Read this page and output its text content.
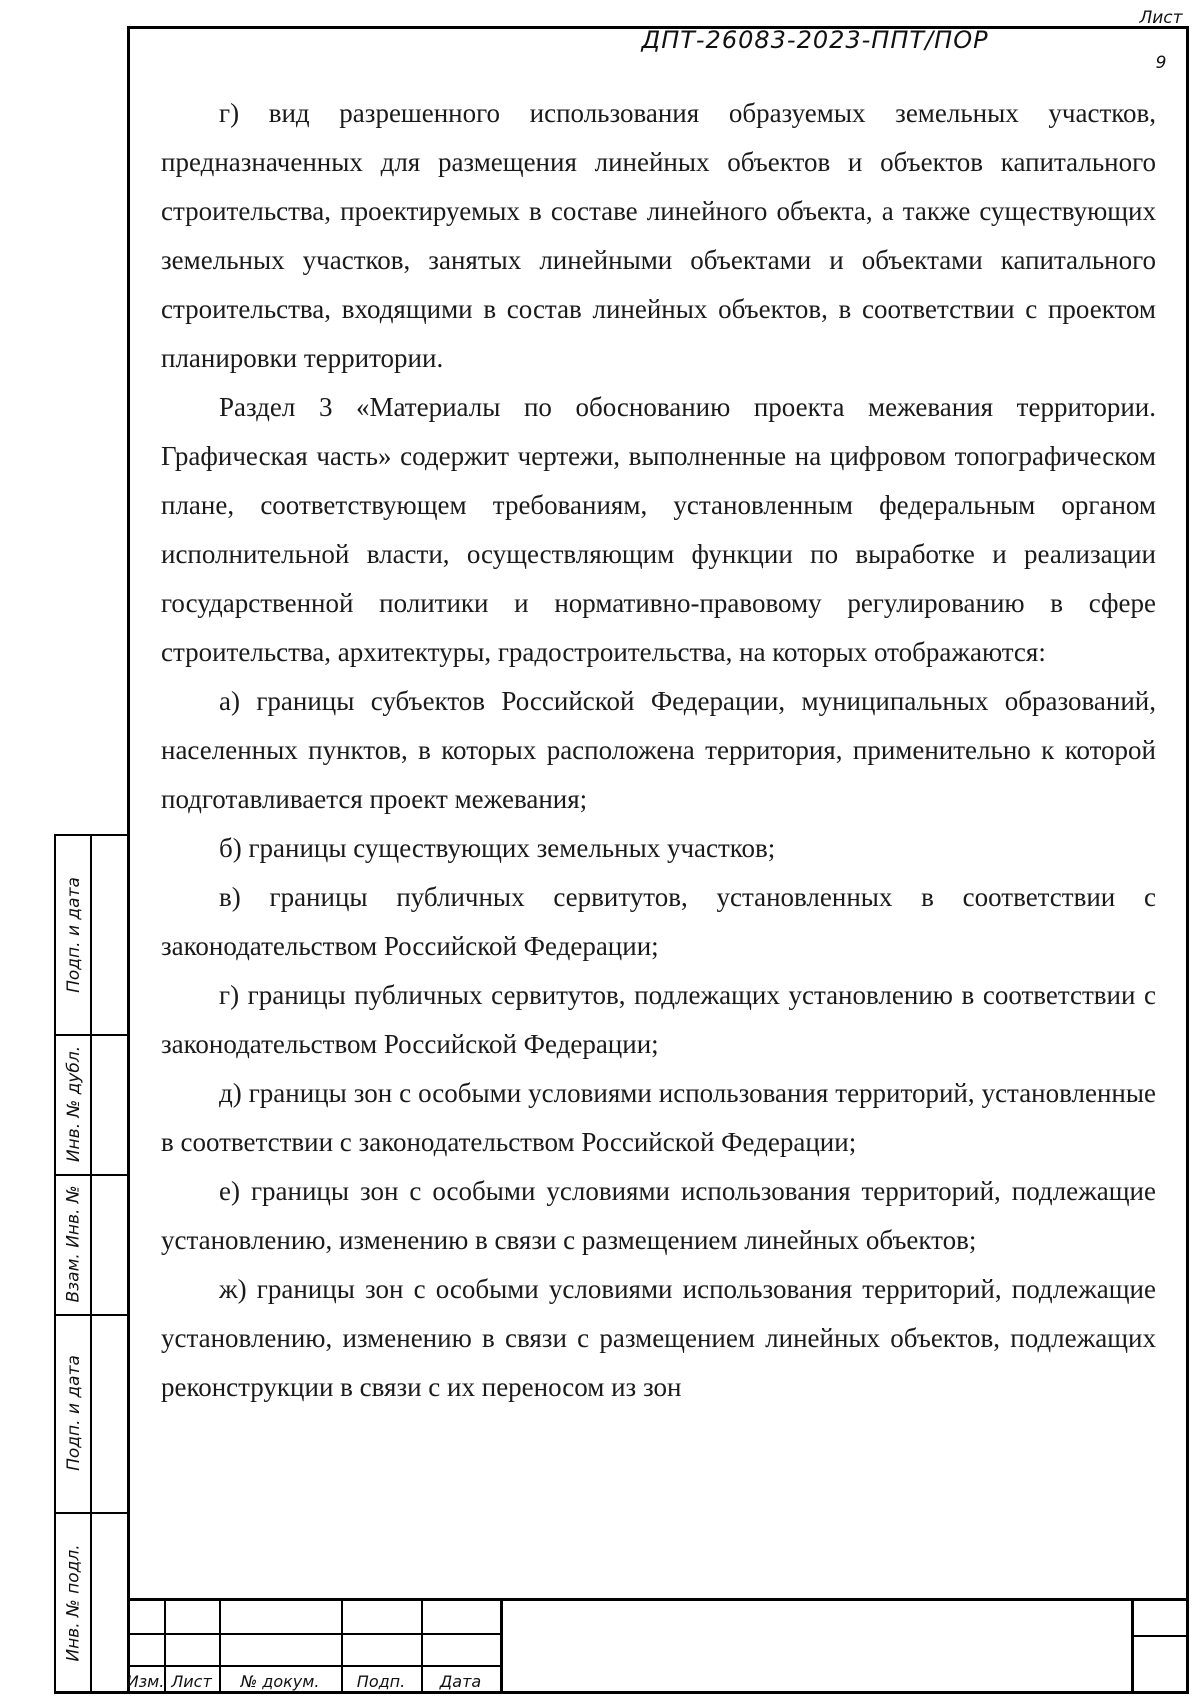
г) вид разрешенного использования образуемых земельных участков, предназначенных для размещения линейных объектов и объектов капитального строительства, проектируемых в составе линейного объекта, а также существующих земельных участков, занятых линейными объектами и объектами капитального строительства, входящими в состав линейных объектов, в соответствии с проектом планировки территории.

Раздел 3 «Материалы по обоснованию проекта межевания территории. Графическая часть» содержит чертежи, выполненные на цифровом топографическом плане, соответствующем требованиям, установленным федеральным органом исполнительной власти, осуществляющим функции по выработке и реализации государственной политики и нормативно-правовому регулированию в сфере строительства, архитектуры, градостроительства, на которых отображаются:

а) границы субъектов Российской Федерации, муниципальных образований, населенных пунктов, в которых расположена территория, применительно к которой подготавливается проект межевания;

б) границы существующих земельных участков;

в) границы публичных сервитутов, установленных в соответствии с законодательством Российской Федерации;

г) границы публичных сервитутов, подлежащих установлению в соответствии с законодательством Российской Федерации;

д) границы зон с особыми условиями использования территорий, установленные в соответствии с законодательством Российской Федерации;

е) границы зон с особыми условиями использования территорий, подлежащие установлению, изменению в связи с размещением линейных объектов;

ж) границы зон с особыми условиями использования территорий, подлежащие установлению, изменению в связи с размещением линейных объектов, подлежащих реконструкции в связи с их переносом из зон

Подп. и дата
Инв. № дубл.
Взам. Инв. №
Подп. и дата
Инв. № подл.
Изм. Лист	№ докум.	Подп.	Дата
ДПТ-26083-2023-ППТ/ПОР
Лист
9
